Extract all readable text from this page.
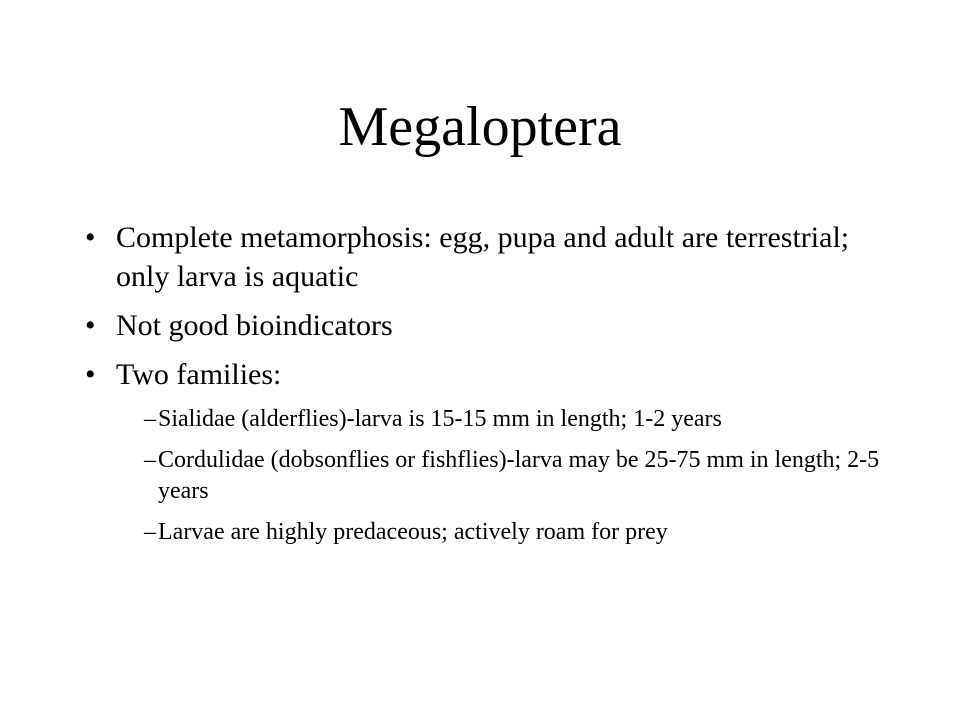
Megaloptera
• Complete metamorphosis: egg, pupa and adult are terrestrial; only larva is aquatic
• Not good bioindicators
• Two families:
– Sialidae (alderflies)-larva is 15-15 mm in length; 1-2 years
– Cordulidae (dobsonflies or fishflies)-larva may be 25-75 mm in length; 2-5 years
– Larvae are highly predaceous; actively roam for prey
